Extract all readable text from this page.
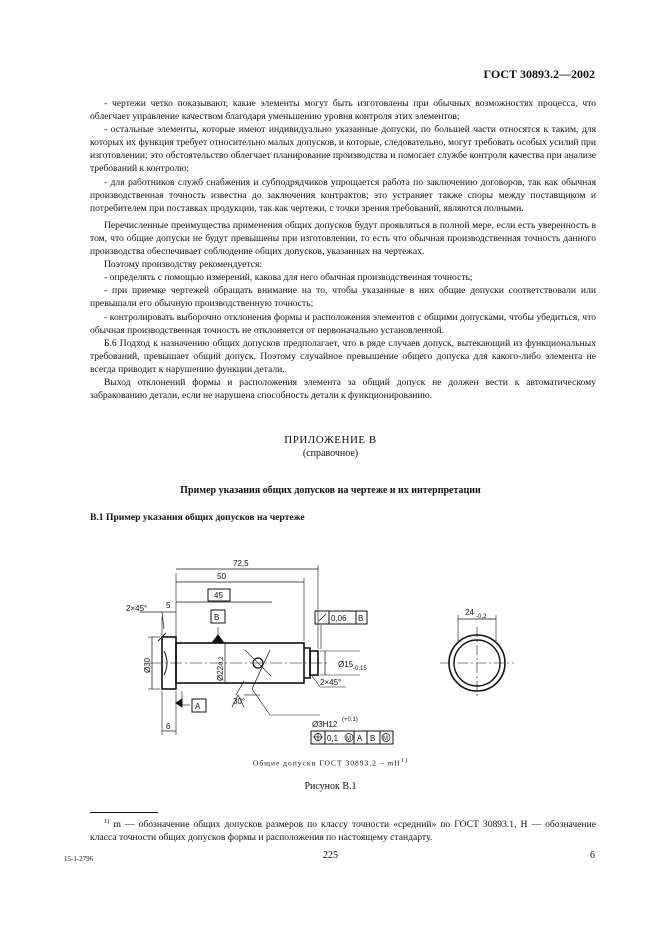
ГОСТ 30893.2—2002

- чертежи четко показывают, какие элементы могут быть изготовлены при обычных возможностях процесса, что облегчает управление качеством благодаря уменьшению уровня контроля этих элементов;

- остальные элементы, которые имеют индивидуально указанные допуски, по большей части относятся к таким, для которых их функция требует относительно малых допусков, и которые, следовательно, могут требовать особых усилий при изготовлении; это обстоятельство облегчает планирование производства и помогает службе контроля качества при анализе требований к контролю;

- для работников служб снабжения и субподрядчиков упрощается работа по заключению договоров, так как обычная производственная точность известна до заключения контрактов; это устраняет также споры между поставщиком и потребителем при поставках продукции, так как чертежи, с точки зрения требований, являются полными.

Перечисленные преимущества применения общих допусков будут проявляться в полной мере, если есть уверенность в том, что общие допуски не будут превышены при изготовлении, то есть что обычная производственная точность данного производства обеспечивает соблюдение общих допусков, указанных на чертежах.

Поэтому производству рекомендуется:

- определять с помощью измерений, какова для него обычная производственная точность;

- при приемке чертежей обращать внимание на то, чтобы указанные в них общие допуски соответствовали или превышали его обычную производственную точность;

- контролировать выборочно отклонения формы и расположения элементов с общими допусками, чтобы убедиться, что обычная производственная точность не отклоняется от первоначально установленной.

Б.6 Подход к назначению общих допусков предполагает, что в ряде случаев допуск, вытекающий из функциональных требований, превышает общий допуск. Поэтому случайное превышение общего допуска для какого-либо элемента не всегда приводит к нарушению функции детали.

Выход отклонений формы и расположения элемента за общий допуск не должен вести к автоматическому забракованию детали, если не нарушена способность детали к функционированию.

ПРИЛОЖЕНИЕ В
(справочное)
Пример указания общих допусков на чертеже и их интерпретации
В.1 Пример указания общих допусков на чертеже
72,5
50
45
5
2×45°
6
Ø30
Ø22
-0,2	Ø15 -0,15
2×45°
B
A
30°
0,06 B
Ø3H12 (+0,1)
0,1 M A B M
24 -0,2
Общие допуски ГОСТ $30893.2 - mH^{1)}$
Рисунок В.1
$^{1)}$ m — обозначение общих допусков размеров по классу точности «средний» по ГОСТ 30893.1, H — обозначение класса точности общих допусков формы и расположения по настоящему стандарту.
15-1-2796	225	6
